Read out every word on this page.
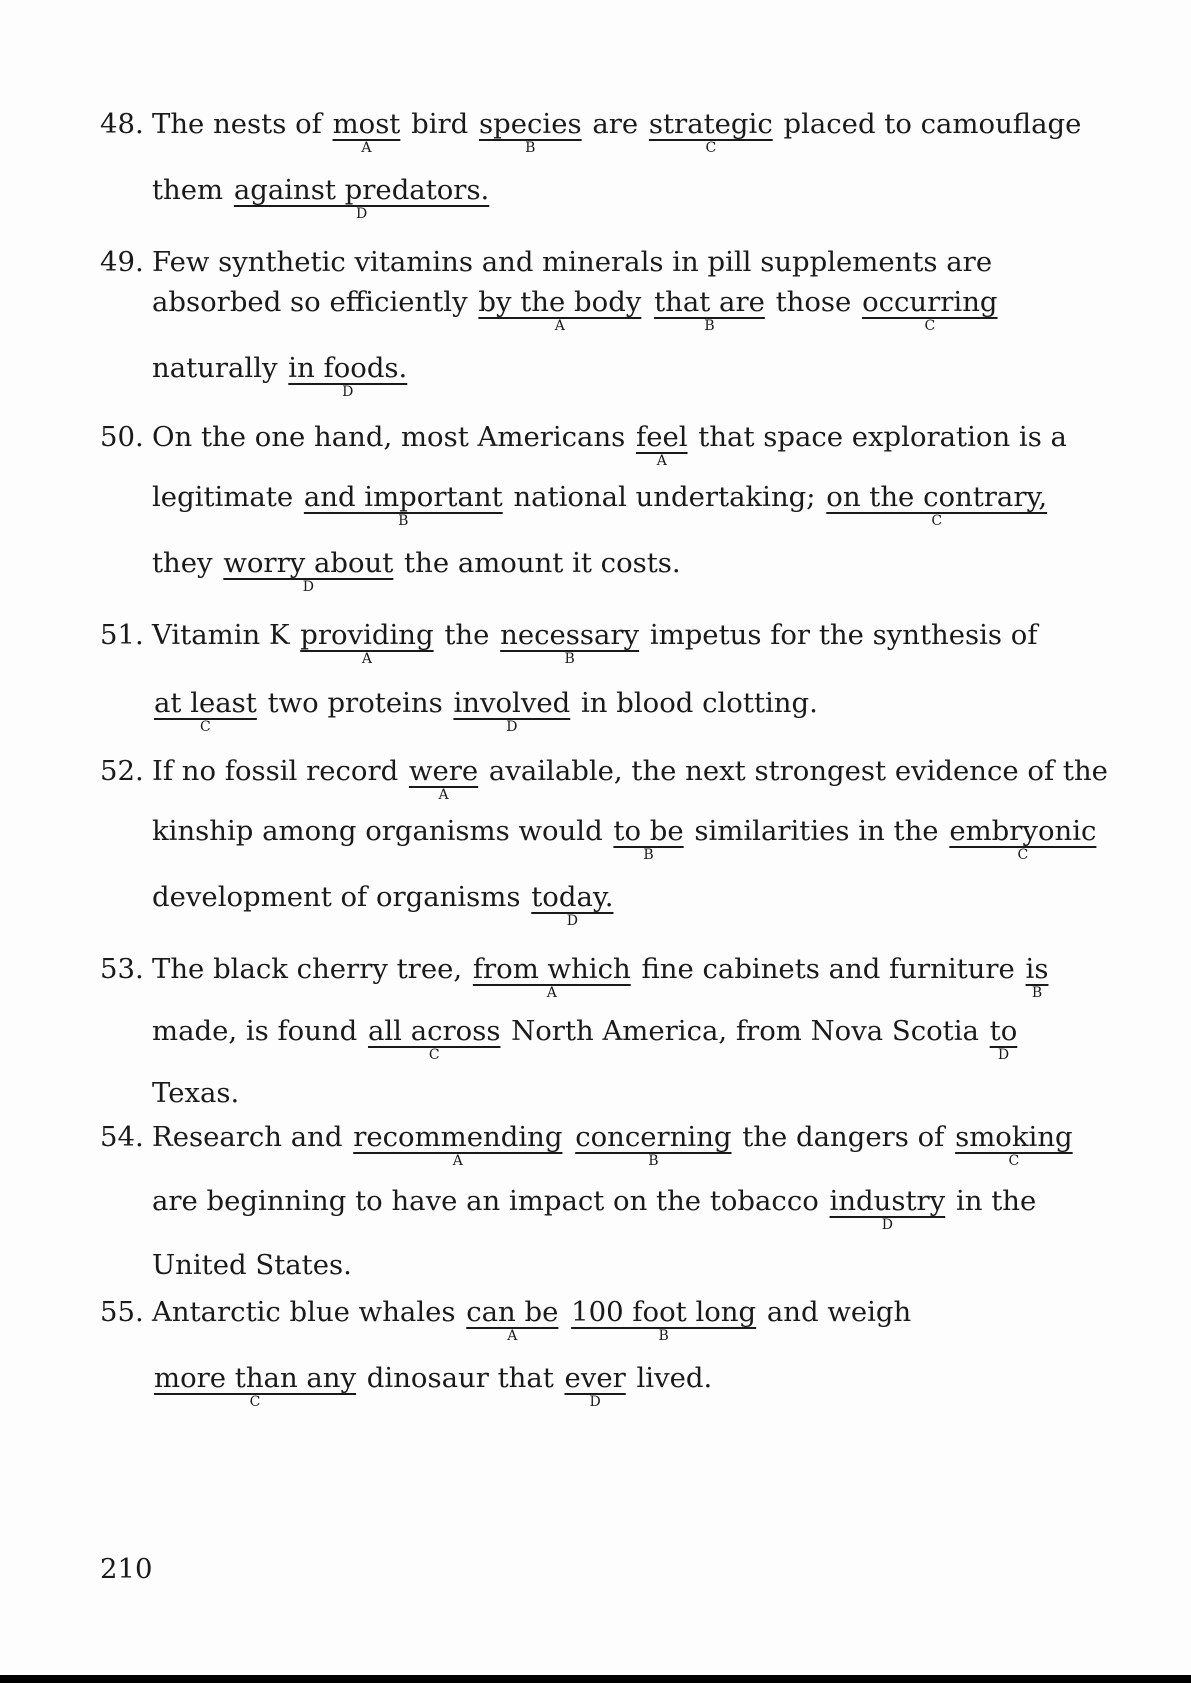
48. The nests of most
A
bird species
B
are strategic
C
placed to camouflage
them against predators.
D
49. Few synthetic vitamins and minerals in pill supplements are
absorbed so efficiently by the body
A
that are
B
those occurring
C
naturally in foods.
D
50. On the one hand, most Americans feel
A
that space exploration is a
legitimate and important
B
national undertaking; on the contrary,
C
they worry about
D
the amount it costs.
51. Vitamin K providing
A
the necessary
B
impetus for the synthesis of
at least
C
two proteins involved
D
in blood clotting.
52. If no fossil record were
A
available, the next strongest evidence of the
kinship among organisms would to be
B
similarities in the embryonic
C
development of organisms today.
D
53. The black cherry tree, from which
A
fine cabinets and furniture is
B
made, is found all across
C
North America, from Nova Scotia to
D
Texas.
54. Research and recommending
A
concerning
B
the dangers of smoking
C
are beginning to have an impact on the tobacco industry
D
in the
United States.
55. Antarctic blue whales can be
A
100 foot long
B
and weigh
more than any
C
dinosaur that ever
D
lived.
210
